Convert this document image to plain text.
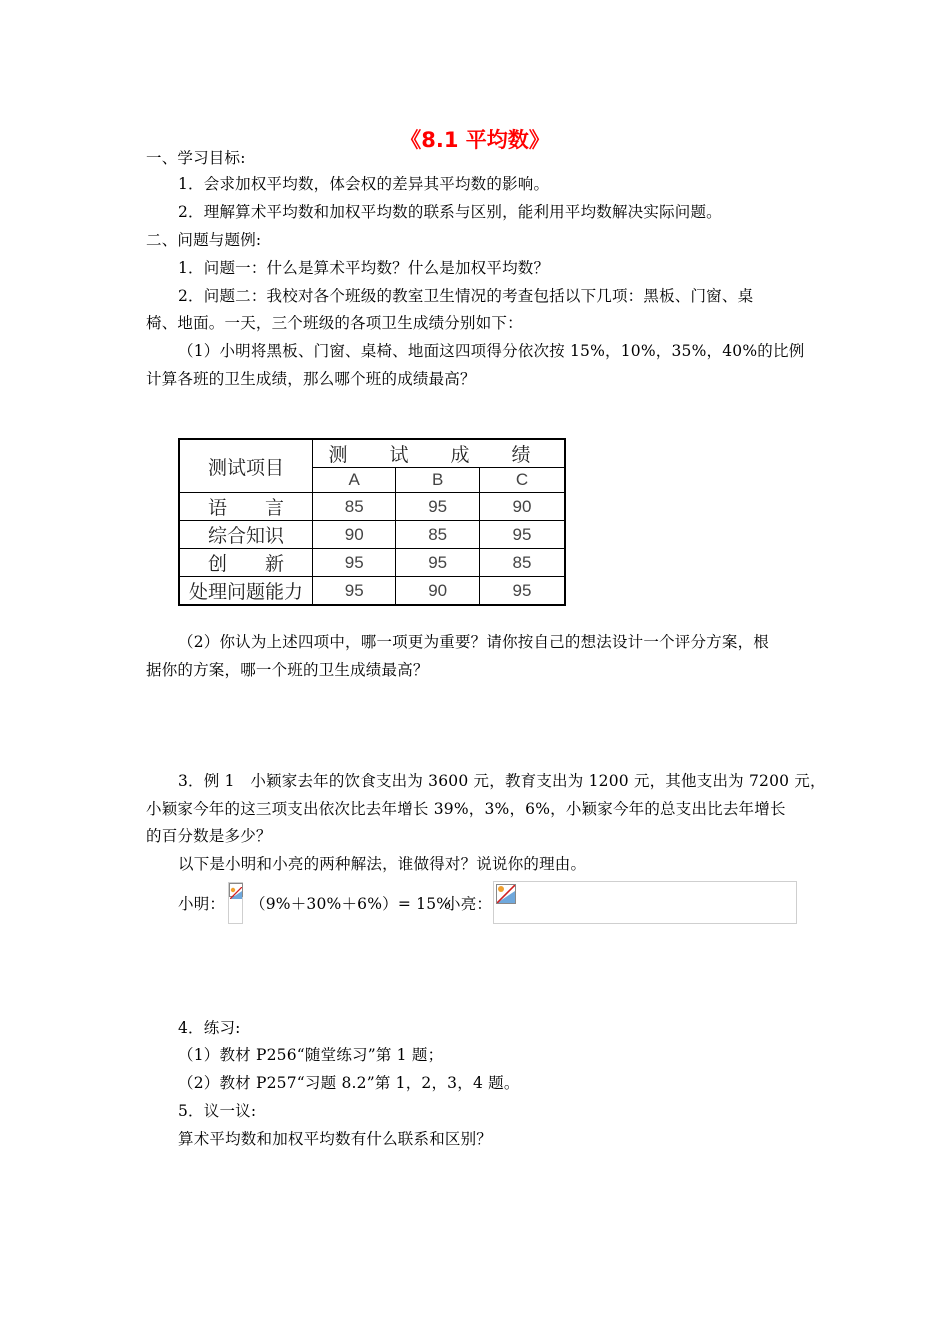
《8.1 平均数》
一、学习目标:
1．会求加权平均数，体会权的差异其平均数的影响。
2．理解算术平均数和加权平均数的联系与区别，能利用平均数解决实际问题。
二、问题与题例:
1．问题一：什么是算术平均数？什么是加权平均数？
2．问题二：我校对各个班级的教室卫生情况的考查包括以下几项：黑板、门窗、桌
椅、地面。一天，三个班级的各项卫生成绩分别如下：
（1）小明将黑板、门窗、桌椅、地面这四项得分依次按 15%，10%，35%，40%的比例
计算各班的卫生成绩，那么哪个班的成绩最高？
测试项目	测 试 成 绩		
	A	B	C
语　　言	85	95	90
综合知识	90	85	95
创　　新	95	95	85
处理问题能力	95	90	95
（2）你认为上述四项中，哪一项更为重要？请你按自己的想法设计一个评分方案，根
据你的方案，哪一个班的卫生成绩最高？
3．例 1　小颖家去年的饮食支出为 3600 元，教育支出为 1200 元，其他支出为 7200 元，
小颖家今年的这三项支出依次比去年增长 39%，3%，6%，小颖家今年的总支出比去年增长
的百分数是多少？
以下是小明和小亮的两种解法，谁做得对？说说你的理由。
小明： （9%＋30%＋6%）= 15%
小亮：
4．练习:
（1）教材 P256“随堂练习”第 1 题；
（2）教材 P257“习题 8.2”第 1，2，3，4 题。
5．议一议:
算术平均数和加权平均数有什么联系和区别？
